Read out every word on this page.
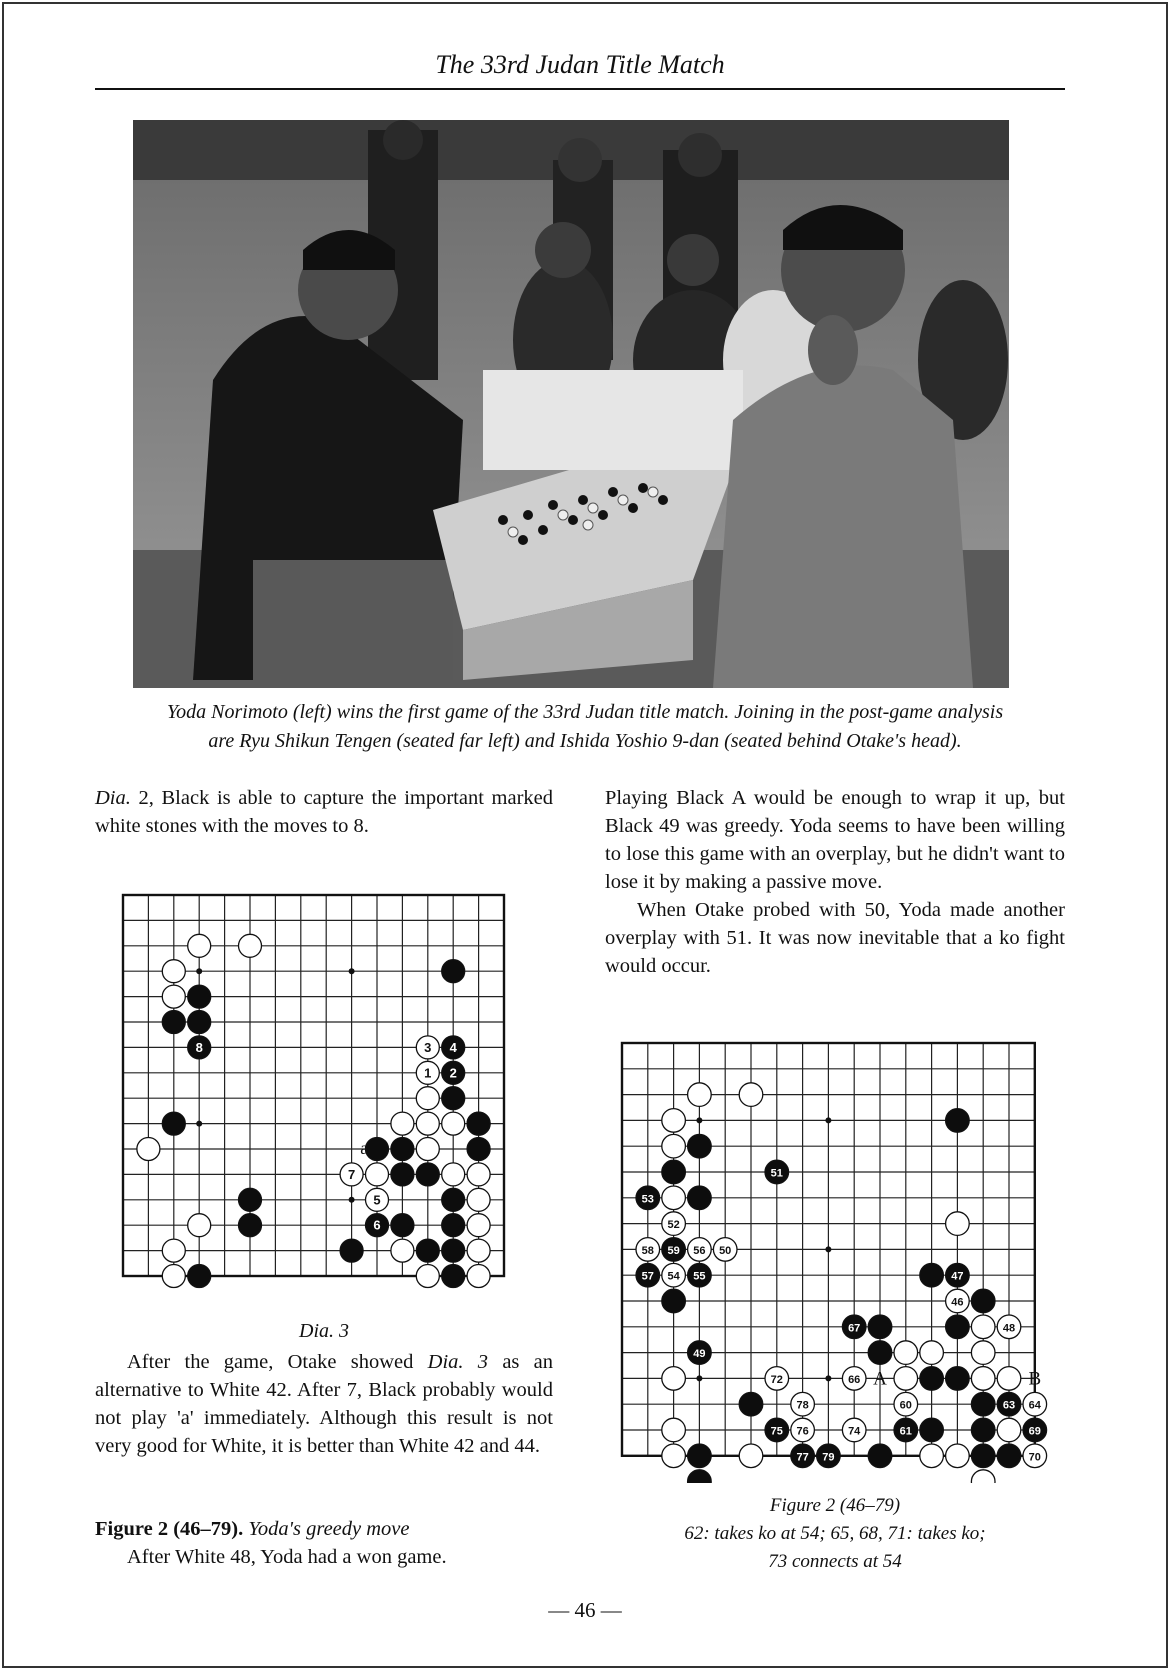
The 33rd Judan Title Match
Yoda Norimoto (left) wins the first game of the 33rd Judan title match. Joining in the post-game analysis
are Ryu Shikun Tengen (seated far left) and Ishida Yoshio 9-dan (seated behind Otake's head).

Dia. 2, Black is able to capture the important marked white stones with the moves to 8.

Playing Black A would be enough to wrap it up, but Black 49 was greedy. Yoda seems to have been willing to lose this game with an overplay, but he didn't want to lose it by making a passive move.

When Otake probed with 50, Yoda made another overplay with 51. It was now inevitable that a ko fight would occur.

8	4
3
2
1
7
5
6
a
Dia. 3

After the game, Otake showed Dia. 3 as an alternative to White 42. After 7, Black probably would not play 'a' immediately. Although this result is not very good for White, it is better than White 42 and 44.

Figure 2 (46–79). Yoda's greedy move

After White 48, Yoda had a won game.

51
53
52
58 59 56 50
57 54 55
49
47
46
48
67
72	66
78	60	63 64
75 76	74	61	69
77 79	70
A	B
Figure 2 (46–79)
62: takes ko at 54; 65, 68, 71: takes ko;
73 connects at 54
— 46 —
